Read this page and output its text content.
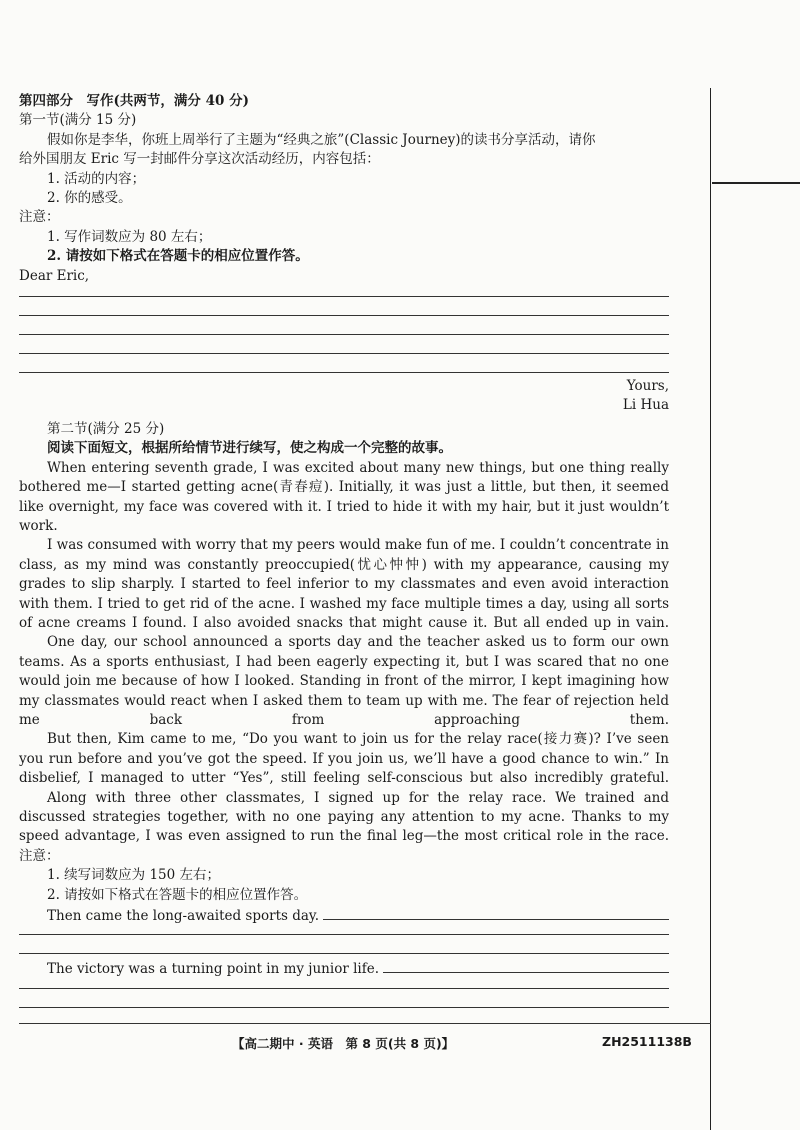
第四部分　写作(共两节，满分 40 分)
第一节(满分 15 分)
假如你是李华，你班上周举行了主题为“经典之旅”(Classic Journey)的读书分享活动，请你
给外国朋友 Eric 写一封邮件分享这次活动经历，内容包括：
1. 活动的内容；
2. 你的感受。
注意：
1. 写作词数应为 80 左右；
2. 请按如下格式在答题卡的相应位置作答。
Dear Eric,
Yours,
Li Hua
第二节(满分 25 分)
阅读下面短文，根据所给情节进行续写，使之构成一个完整的故事。
When entering seventh grade, I was excited about many new things, but one thing really bothered me—I started getting acne(青春痘). Initially, it was just a little, but then, it seemed like overnight, my face was covered with it. I tried to hide it with my hair, but it just wouldn’t work.
I was consumed with worry that my peers would make fun of me. I couldn’t concentrate in class, as my mind was constantly preoccupied(忧心忡忡) with my appearance, causing my grades to slip sharply. I started to feel inferior to my classmates and even avoid interaction with them. I tried to get rid of the acne. I washed my face multiple times a day, using all sorts of acne creams I found. I also avoided snacks that might cause it. But all ended up in vain.
One day, our school announced a sports day and the teacher asked us to form our own teams. As a sports enthusiast, I had been eagerly expecting it, but I was scared that no one would join me because of how I looked. Standing in front of the mirror, I kept imagining how my classmates would react when I asked them to team up with me. The fear of rejection held me back from approaching them.
But then, Kim came to me, “Do you want to join us for the relay race(接力赛)? I’ve seen you run before and you’ve got the speed. If you join us, we’ll have a good chance to win.” In disbelief, I managed to utter “Yes”, still feeling self-conscious but also incredibly grateful.
Along with three other classmates, I signed up for the relay race. We trained and discussed strategies together, with no one paying any attention to my acne. Thanks to my speed advantage, I was even assigned to run the final leg—the most critical role in the race.
注意：
1. 续写词数应为 150 左右；
2. 请按如下格式在答题卡的相应位置作答。
Then came the long-awaited sports day.
The victory was a turning point in my junior life.
【高二期中 · 英语　第 8 页(共 8 页)】	ZH2511138B
